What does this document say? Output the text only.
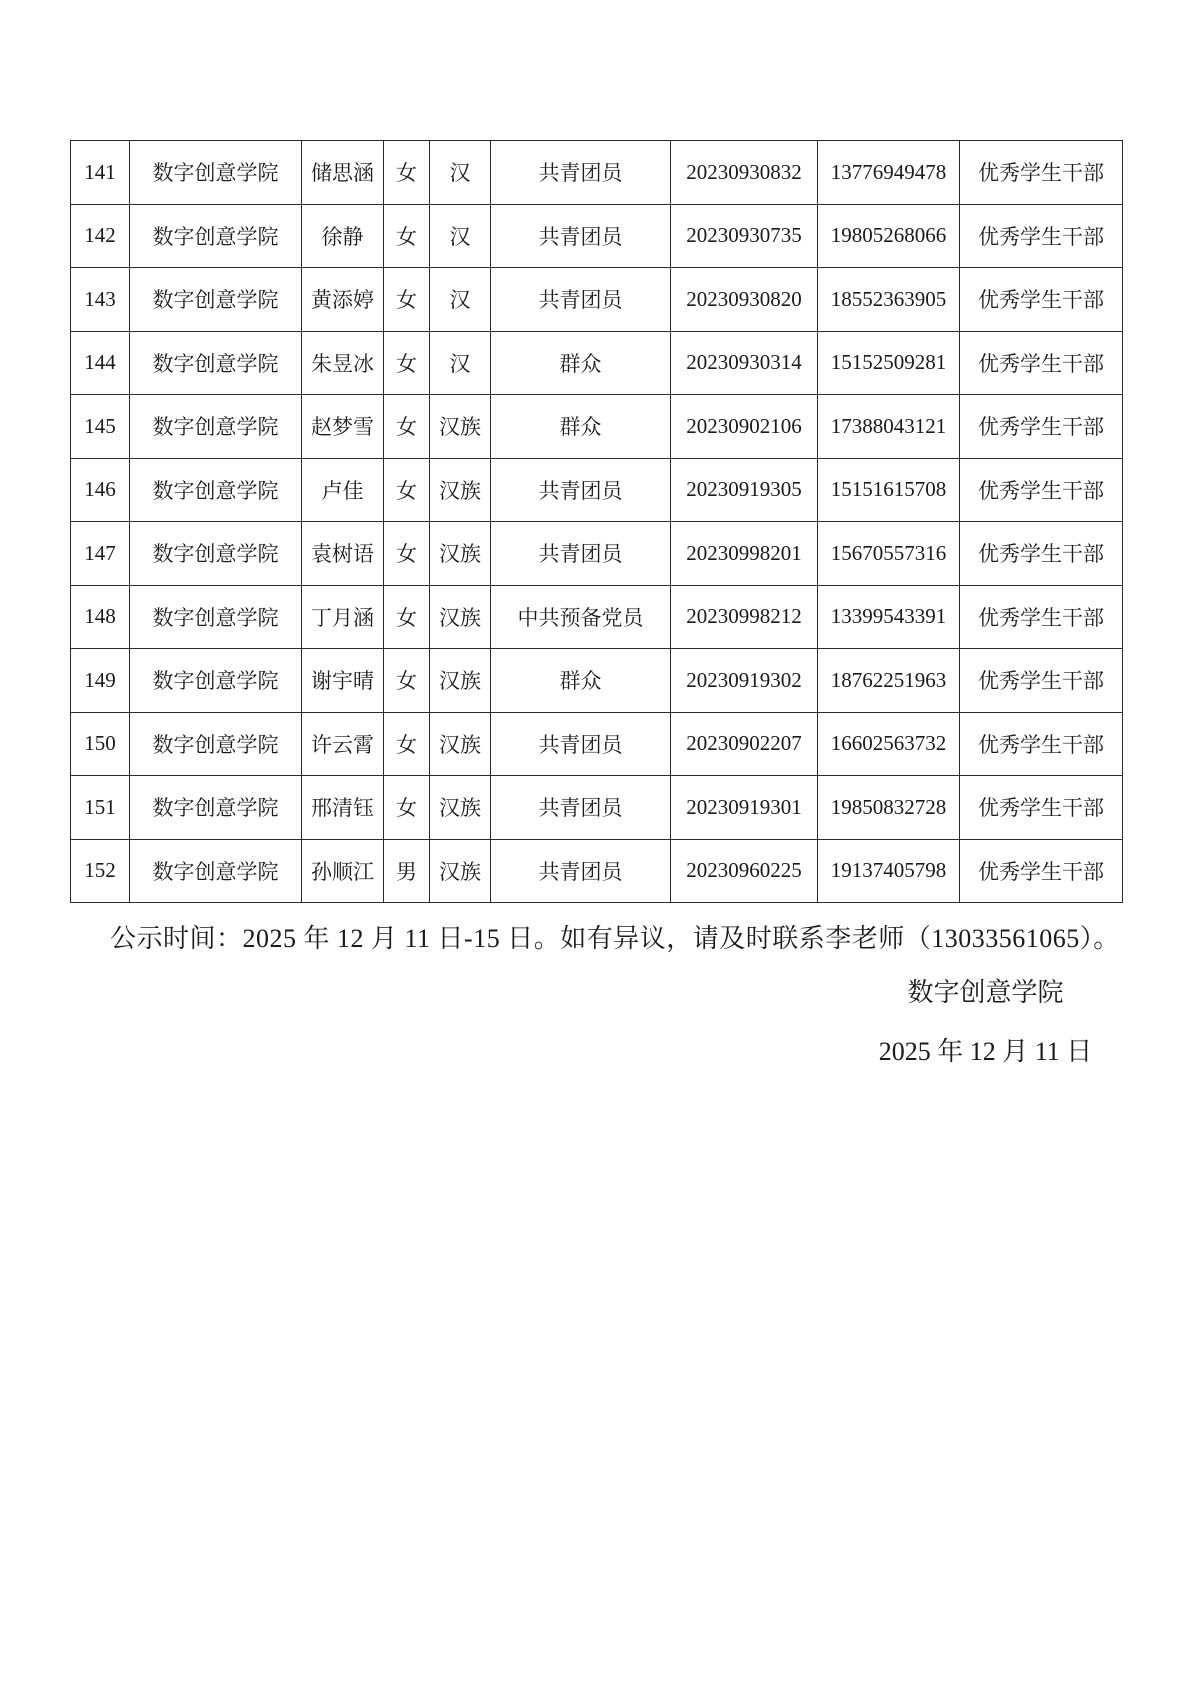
141	数字创意学院	储思涵	女	汉	共青团员	20230930832	13776949478	优秀学生干部
142	数字创意学院	徐静	女	汉	共青团员	20230930735	19805268066	优秀学生干部
143	数字创意学院	黄添婷	女	汉	共青团员	20230930820	18552363905	优秀学生干部
144	数字创意学院	朱昱冰	女	汉	群众	20230930314	15152509281	优秀学生干部
145	数字创意学院	赵梦雪	女	汉族	群众	20230902106	17388043121	优秀学生干部
146	数字创意学院	卢佳	女	汉族	共青团员	20230919305	15151615708	优秀学生干部
147	数字创意学院	袁树语	女	汉族	共青团员	20230998201	15670557316	优秀学生干部
148	数字创意学院	丁月涵	女	汉族	中共预备党员	20230998212	13399543391	优秀学生干部
149	数字创意学院	谢宇晴	女	汉族	群众	20230919302	18762251963	优秀学生干部
150	数字创意学院	许云霄	女	汉族	共青团员	20230902207	16602563732	优秀学生干部
151	数字创意学院	邢清钰	女	汉族	共青团员	20230919301	19850832728	优秀学生干部
152	数字创意学院	孙顺江	男	汉族	共青团员	20230960225	19137405798	优秀学生干部
公示时间：2025 年 12 月 11 日-15 日。如有异议，请及时联系李老师（13033561065）。
数字创意学院
2025 年 12 月 11 日
